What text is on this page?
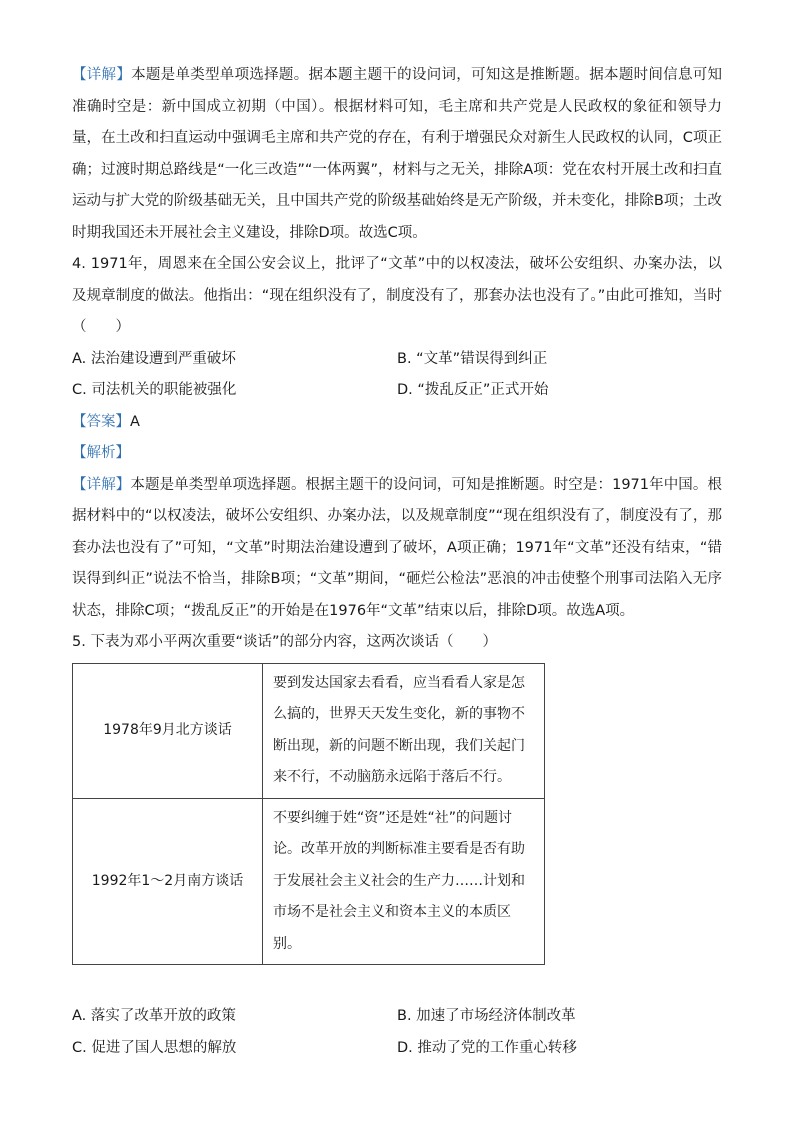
【详解】本题是单类型单项选择题。据本题主题干的设问词，可知这是推断题。据本题时间信息可知准确时空是：新中国成立初期（中国）。根据材料可知，毛主席和共产党是人民政权的象征和领导力量，在土改和扫直运动中强调毛主席和共产党的存在，有利于增强民众对新生人民政权的认同，C项正确；过渡时期总路线是“一化三改造”“一体两翼”，材料与之无关，排除A项：党在农村开展土改和扫直运动与扩大党的阶级基础无关，且中国共产党的阶级基础始终是无产阶级，并未变化，排除B项；土改时期我国还未开展社会主义建设，排除D项。故选C项。

4. 1971年，周恩来在全国公安会议上，批评了“文革”中的以权凌法，破坏公安组织、办案办法，以及规章制度的做法。他指出：“现在组织没有了，制度没有了，那套办法也没有了。”由此可推知，当时（　　）

A. 法治建设遭到严重破坏	B. “文革”错误得到纠正
C. 司法机关的职能被强化	D. “拨乱反正”正式开始

【答案】A

【解析】

【详解】本题是单类型单项选择题。根据主题干的设问词，可知是推断题。时空是：1971年中国。根据材料中的“以权凌法，破坏公安组织、办案办法，以及规章制度”“现在组织没有了，制度没有了，那套办法也没有了”可知，“文革”时期法治建设遭到了破坏，A项正确；1971年“文革”还没有结束，“错误得到纠正”说法不恰当，排除B项；“文革”期间，“砸烂公检法”恶浪的冲击使整个刑事司法陷入无序状态，排除C项；“拨乱反正”的开始是在1976年“文革”结束以后，排除D项。故选A项。

5. 下表为邓小平两次重要“谈话”的部分内容，这两次谈话（　　）

1978年9月北方谈话	要到发达国家去看看，应当看看人家是怎么搞的，世界天天发生变化，新的事物不断出现，新的问题不断出现，我们关起门来不行，不动脑筋永远陷于落后不行。
1992年1～2月南方谈话	不要纠缠于姓“资”还是姓“社”的问题讨论。改革开放的判断标准主要看是否有助于发展社会主义社会的生产力……计划和市场不是社会主义和资本主义的本质区别。
A. 落实了改革开放的政策	B. 加速了市场经济体制改革
C. 促进了国人思想的解放	D. 推动了党的工作重心转移
